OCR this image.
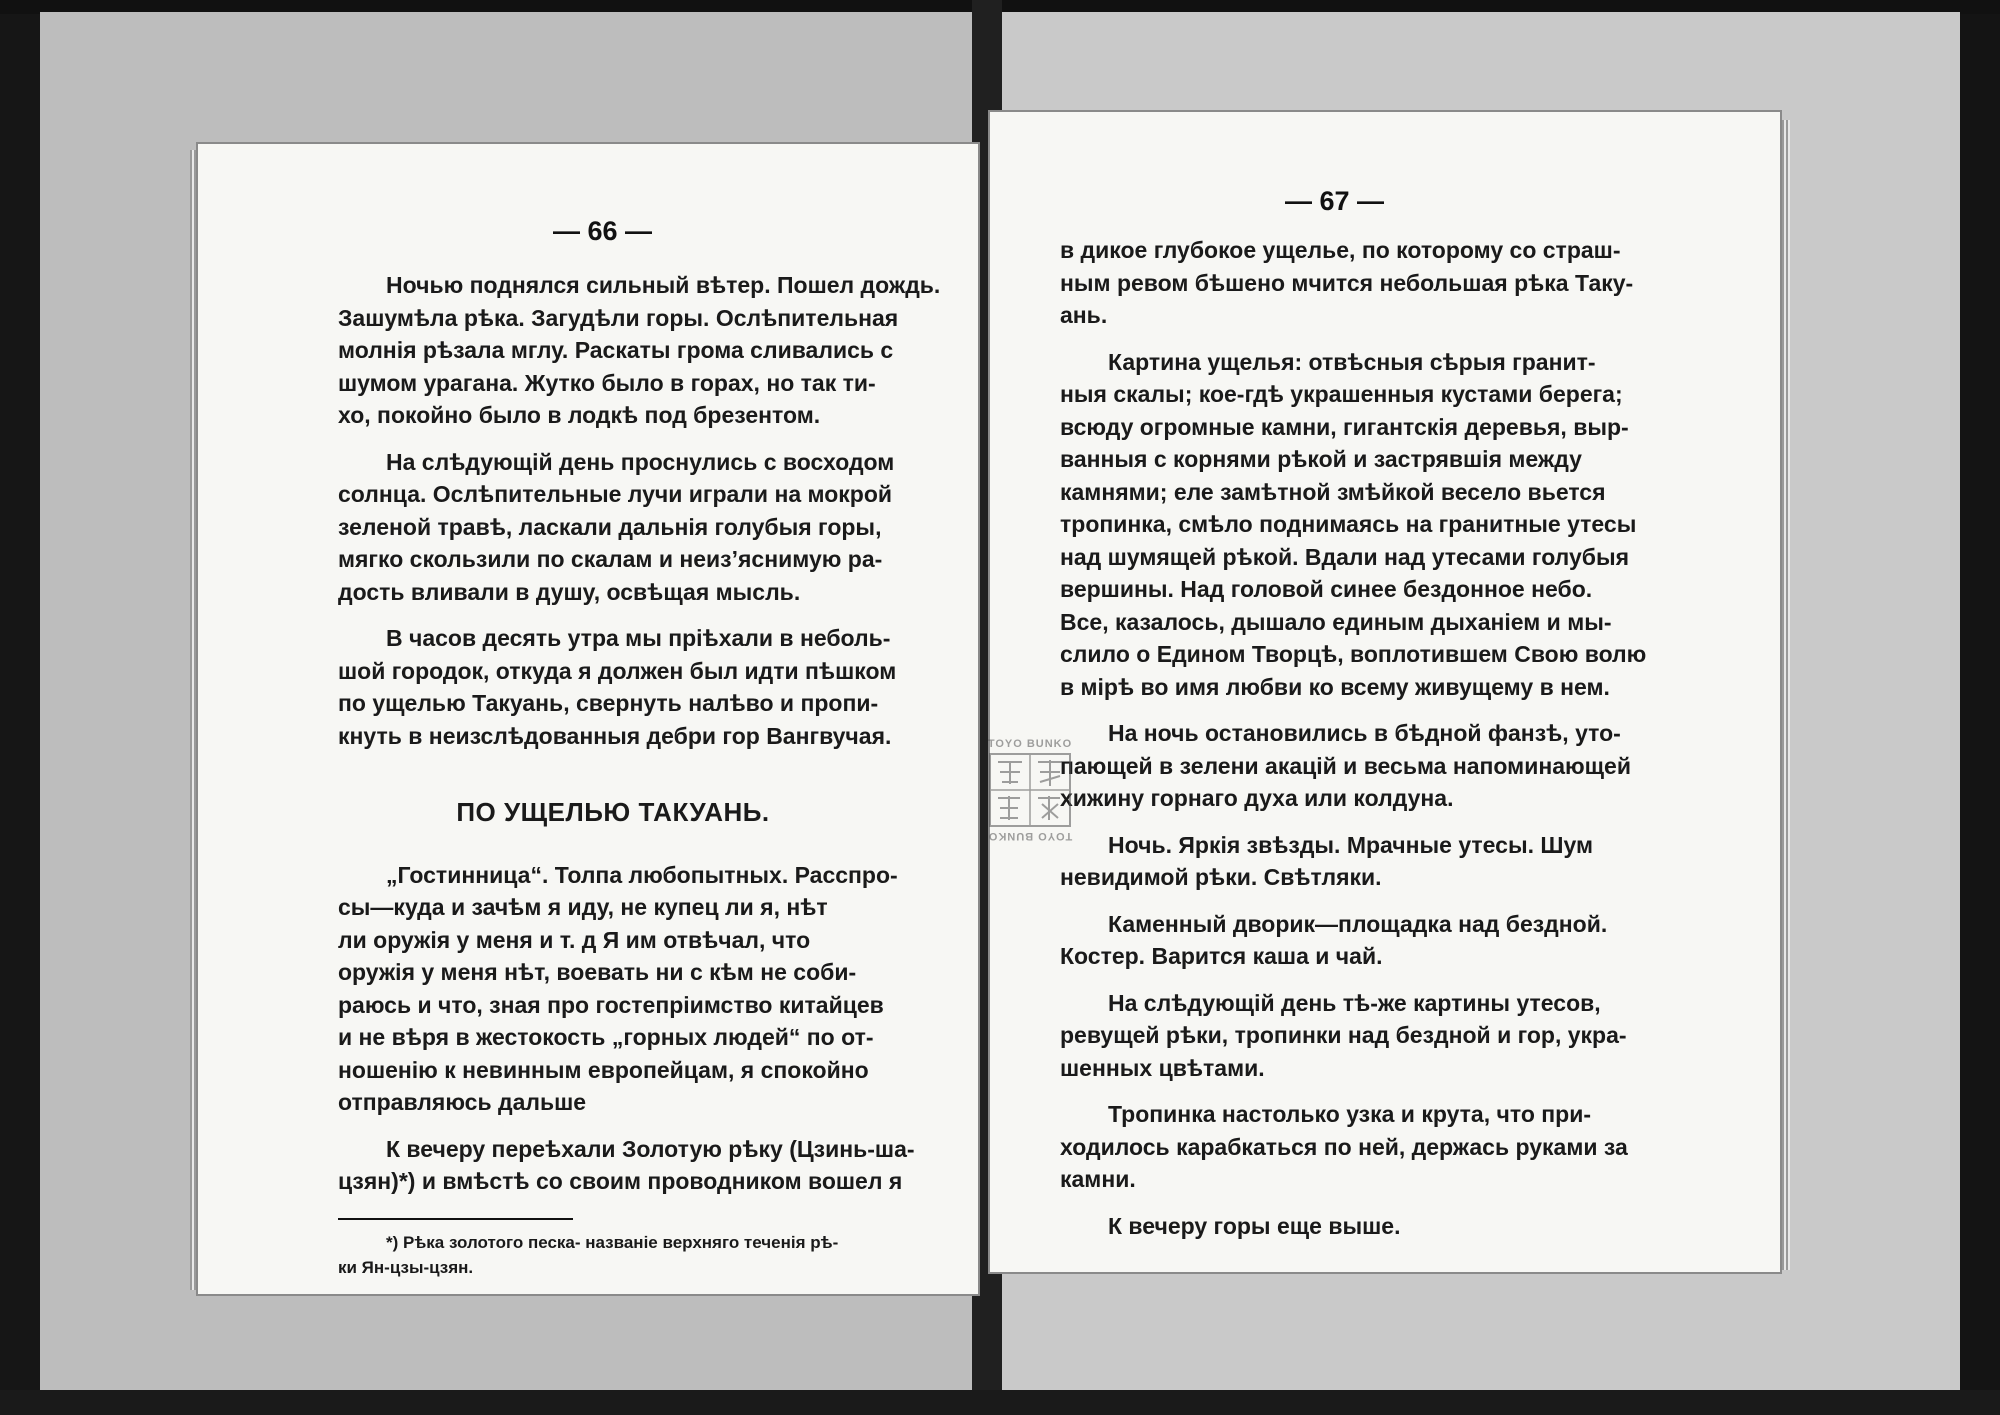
— 66 —
Ночью поднялся сильный вѣтер. Пошел дождь.
Зашумѣла рѣка. Загудѣли горы. Ослѣпительная
молнія рѣзала мглу. Раскаты грома сливались с
шумом урагана. Жутко было в горах, но так ти-
хо, покойно было в лодкѣ под брезентом.
На слѣдующій день проснулись с восходом
солнца. Ослѣпительные лучи играли на мокрой
зеленой травѣ, ласкали дальнія голубыя горы,
мягко скользили по скалам и неизʼяснимую ра-
дость вливали в душу, освѣщая мысль.
В часов десять утра мы пріѣхали в неболь-
шой городок, откуда я должен был идти пѣшком
по ущелью Такуань, свернуть налѣво и пропи-
кнуть в неизслѣдованныя дебри гор Вангвучая.
ПО УЩЕЛЬЮ ТАКУАНЬ.
„Гостинница“. Толпа любопытных. Расспро-
сы—куда и зачѣм я иду, не купец ли я, нѣт
ли оружія у меня и т. д Я им отвѣчал, что
оружія у меня нѣт, воевать ни с кѣм не соби-
раюсь и что, зная про гостепріимство китайцев
и не вѣря в жестокость „горных людей“ по от-
ношенію к невинным европейцам, я спокойно
отправляюсь дальше
К вечеру переѣхали Золотую рѣку (Цзинь-ша-
цзян)*) и вмѣстѣ со своим проводником вошел я
*) Рѣка золотого песка- названіе верхняго теченія рѣ-
ки Ян-цзы-цзян.
— 67 —
в дикое глубокое ущелье, по которому со страш-
ным ревом бѣшено мчится небольшая рѣка Таку-
ань.
Картина ущелья: отвѣсныя сѣрыя гранит-
ныя скалы; кое-гдѣ украшенныя кустами берега;
всюду огромные камни, гигантскія деревья, выр-
ванныя с корнями рѣкой и застрявшія между
камнями; еле замѣтной змѣйкой весело вьется
тропинка, смѣло поднимаясь на гранитные утесы
над шумящей рѣкой. Вдали над утесами голубыя
вершины. Над головой синее бездонное небо.
Все, казалось, дышало единым дыханіем и мы-
слило о Едином Творцѣ, воплотившем Свою волю
в мірѣ во имя любви ко всему живущему в нем.
На ночь остановились в бѣдной фанзѣ, уто-
пающей в зелени акацій и весьма напоминающей
хижину горнаго духа или колдуна.
Ночь. Яркія звѣзды. Мрачные утесы. Шум
невидимой рѣки. Свѣтляки.
Каменный дворик—площадка над бездной.
Костер. Варится каша и чай.
На слѣдующій день тѣ-же картины утесов,
ревущей рѣки, тропинки над бездной и гор, укра-
шенных цвѣтами.
Тропинка настолько узка и крута, что при-
ходилось карабкаться по ней, держась руками за
камни.
К вечеру горы еще выше.
TOYO BUNKO
TOYO BUNKO
